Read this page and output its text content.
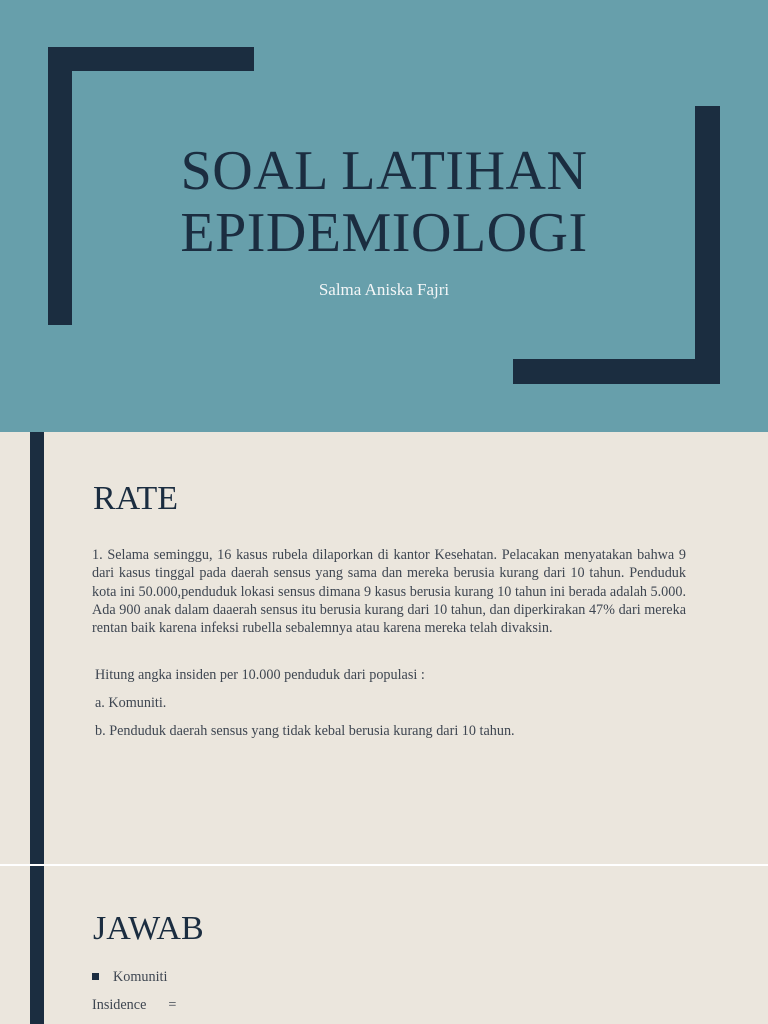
SOAL LATIHAN
EPIDEMIOLOGI
Salma Aniska Fajri
RATE
1. Selama seminggu, 16 kasus rubela dilaporkan di kantor Kesehatan. Pelacakan menyatakan bahwa 9 dari kasus tinggal pada daerah sensus yang sama dan mereka berusia kurang dari 10 tahun. Penduduk kota ini 50.000,penduduk lokasi sensus dimana 9 kasus berusia kurang 10 tahun ini berada adalah 5.000. Ada 900 anak dalam daaerah sensus itu berusia kurang dari 10 tahun, dan diperkirakan 47% dari mereka rentan baik karena infeksi rubella sebalemnya atau karena mereka telah divaksin.
Hitung angka insiden per 10.000 penduduk dari populasi :
a. Komuniti.
b. Penduduk daerah sensus yang tidak kebal berusia kurang dari 10 tahun.
JAWAB
Komuniti
Insidence =
